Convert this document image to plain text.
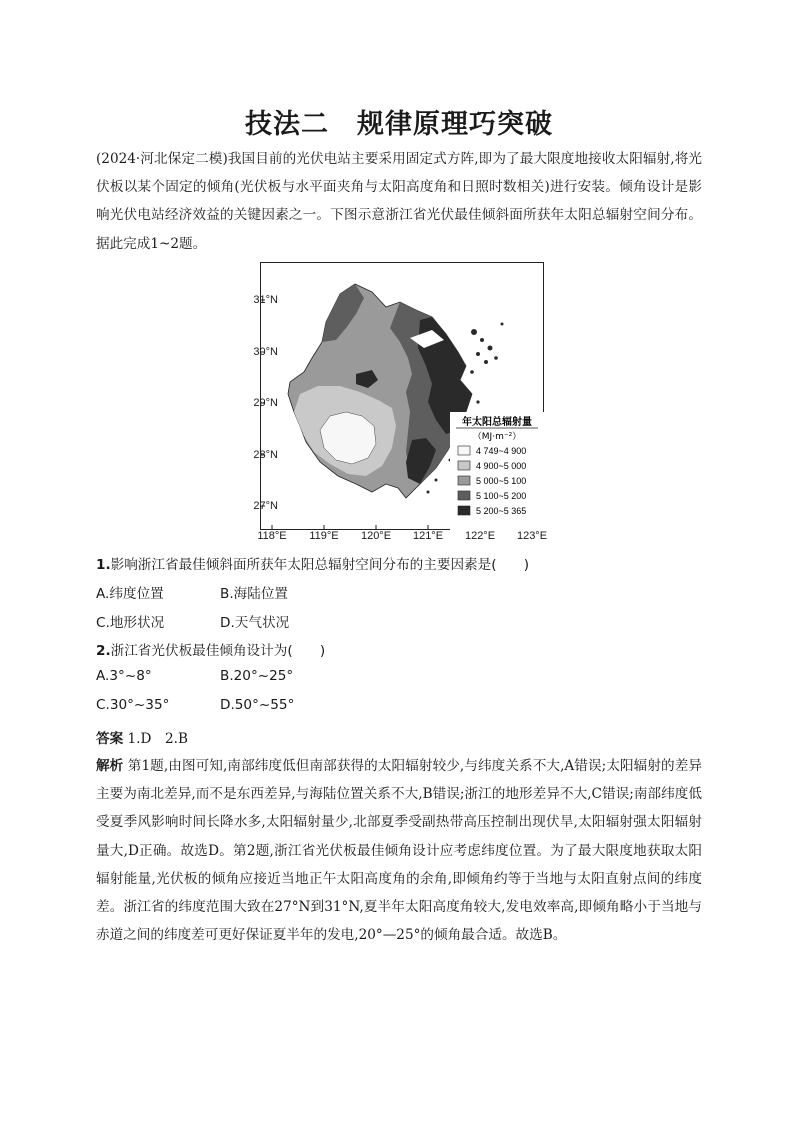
技法二　规律原理巧突破

(2024·河北保定二模)我国目前的光伏电站主要采用固定式方阵,即为了最大限度地接收太阳辐射,将光伏板以某个固定的倾角(光伏板与水平面夹角与太阳高度角和日照时数相关)进行安装。倾角设计是影响光伏电站经济效益的关键因素之一。下图示意浙江省光伏最佳倾斜面所获年太阳总辐射空间分布。据此完成1~2题。

年太阳总辐射量
（MJ·m⁻²）
4 749~4 900
4 900~5 000
5 000~5 100
5 100~5 200
5 200~5 365
118°E 119°E 120°E 121°E 122°E 123°E
31°N
30°N
29°N
28°N
27°N

1.影响浙江省最佳倾斜面所获年太阳总辐射空间分布的主要因素是(　　)

A.纬度位置	B.海陆位置
C.地形状况	D.天气状况

2.浙江省光伏板最佳倾角设计为(　　)

A.3°~8°	B.20°~25°
C.30°~35°	D.50°~55°
答案 1.D　2.B

解析 第1题,由图可知,南部纬度低但南部获得的太阳辐射较少,与纬度关系不大,A错误;太阳辐射的差异主要为南北差异,而不是东西差异,与海陆位置关系不大,B错误;浙江的地形差异不大,C错误;南部纬度低受夏季风影响时间长降水多,太阳辐射量少,北部夏季受副热带高压控制出现伏旱,太阳辐射强太阳辐射量大,D正确。故选D。第2题,浙江省光伏板最佳倾角设计应考虑纬度位置。为了最大限度地获取太阳辐射能量,光伏板的倾角应接近当地正午太阳高度角的余角,即倾角约等于当地与太阳直射点间的纬度差。浙江省的纬度范围大致在27°N到31°N,夏半年太阳高度角较大,发电效率高,即倾角略小于当地与赤道之间的纬度差可更好保证夏半年的发电,20°—25°的倾角最合适。故选B。
